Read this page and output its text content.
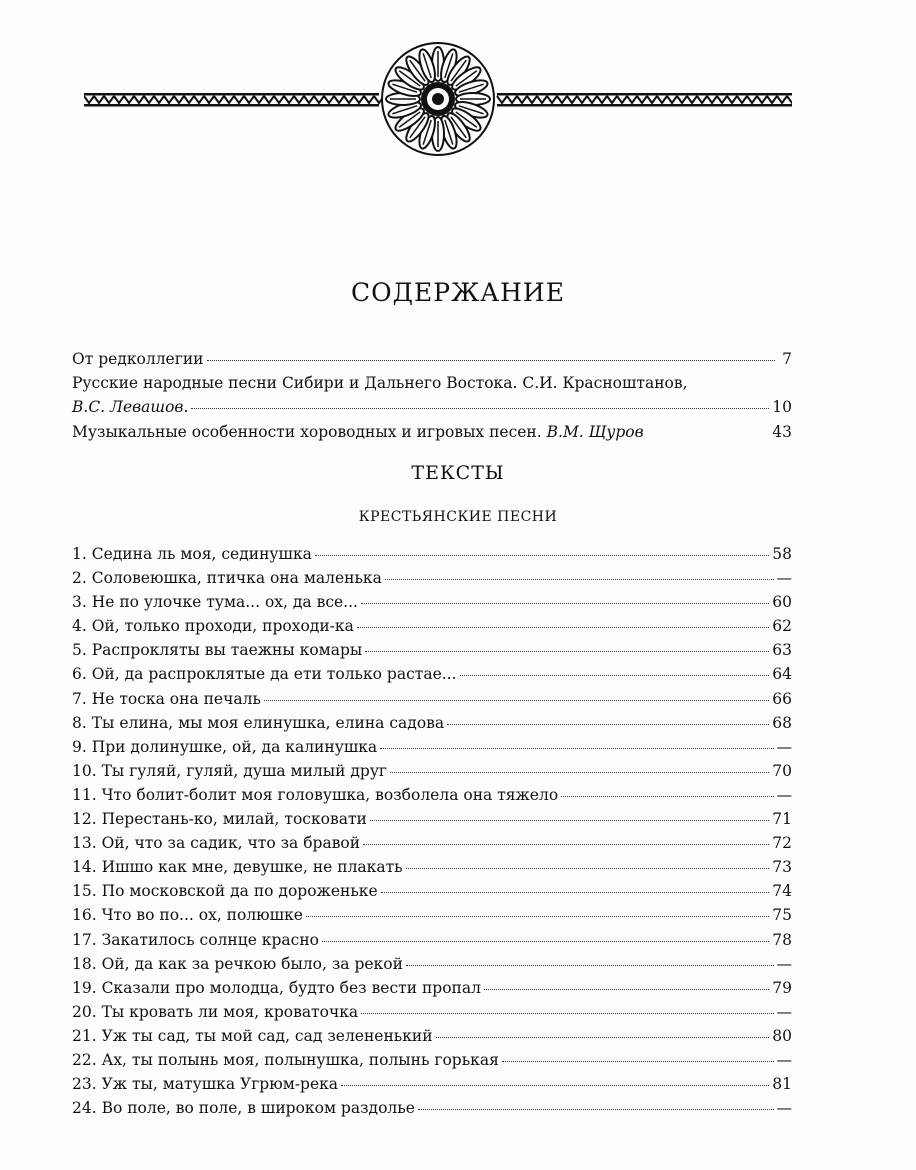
СОДЕРЖАНИЕ
От редколлегии	7
Русские народные песни Сибири и Дальнего Востока. С.И. Красноштанов,
В.С. Левашов.	10
Музыкальные особенности хороводных и игровых песен. В.М. Щуров	43
ТЕКСТЫ
КРЕСТЬЯНСКИЕ ПЕСНИ
1. Седина ль моя, сединушка	58
2. Соловеюшка, птичка она маленька	—
3. Не по улочке тума... ох, да все...	60
4. Ой, только проходи, проходи-ка	62
5. Распрокляты вы таежны комары	63
6. Ой, да распроклятые да ети только растае...	64
7. Не тоска она печаль	66
8. Ты елина, мы моя елинушка, елина садова	68
9. При долинушке, ой, да калинушка	—
10. Ты гуляй, гуляй, душа милый друг	70
11. Что болит-болит моя головушка, возболела она тяжело	—
12. Перестань-ко, милай, тосковати	71
13. Ой, что за садик, что за бравой	72
14. Ишшо как мне, девушке, не плакать	73
15. По московской да по дороженьке	74
16. Что во по... ох, полюшке	75
17. Закатилось солнце красно	78
18. Ой, да как за речкою было, за рекой	—
19. Сказали про молодца, будто без вести пропал	79
20. Ты кровать ли моя, кроваточка	—
21. Уж ты сад, ты мой сад, сад зелененький	80
22. Ах, ты полынь моя, полынушка, полынь горькая	—
23. Уж ты, матушка Угрюм-река	81
24. Во поле, во поле, в широком раздолье	—
